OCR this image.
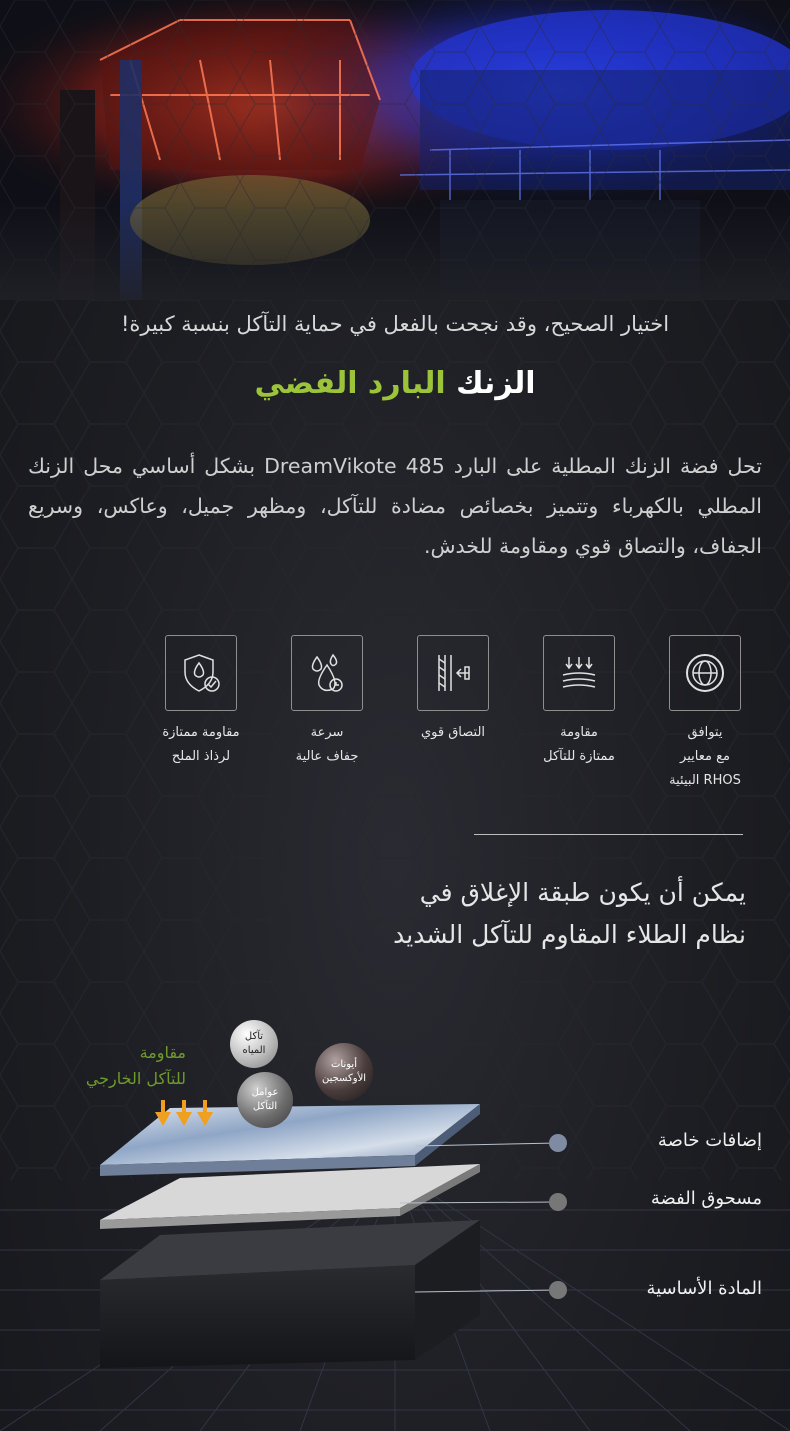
اختيار الصحيح، وقد نجحت بالفعل في حماية التآكل بنسبة كبيرة!
الزنك البارد الفضي
تحل فضة الزنك المطلية على البارد DreamVikote 485 بشكل أساسي محل الزنك المطلي بالكهرباء وتتميز بخصائص مضادة للتآكل، ومظهر جميل، وعاكس، وسريع الجفاف، والتصاق قوي ومقاومة للخدش.
يتوافق
مع معايير
RHOS البيئية
مقاومة
ممتازة للتآكل
التصاق قوي
سرعة
جفاف عالية
مقاومة ممتازة
لرذاذ الملح
يمكن أن يكون طبقة الإغلاق في
نظام الطلاء المقاوم للتآكل الشديد
مقاومة
للتآكل الخارجي
تآكل
المياه
أيونات
الأوكسجين
عوامل
التآكل
إضافات خاصة
مسحوق الفضة
المادة الأساسية
